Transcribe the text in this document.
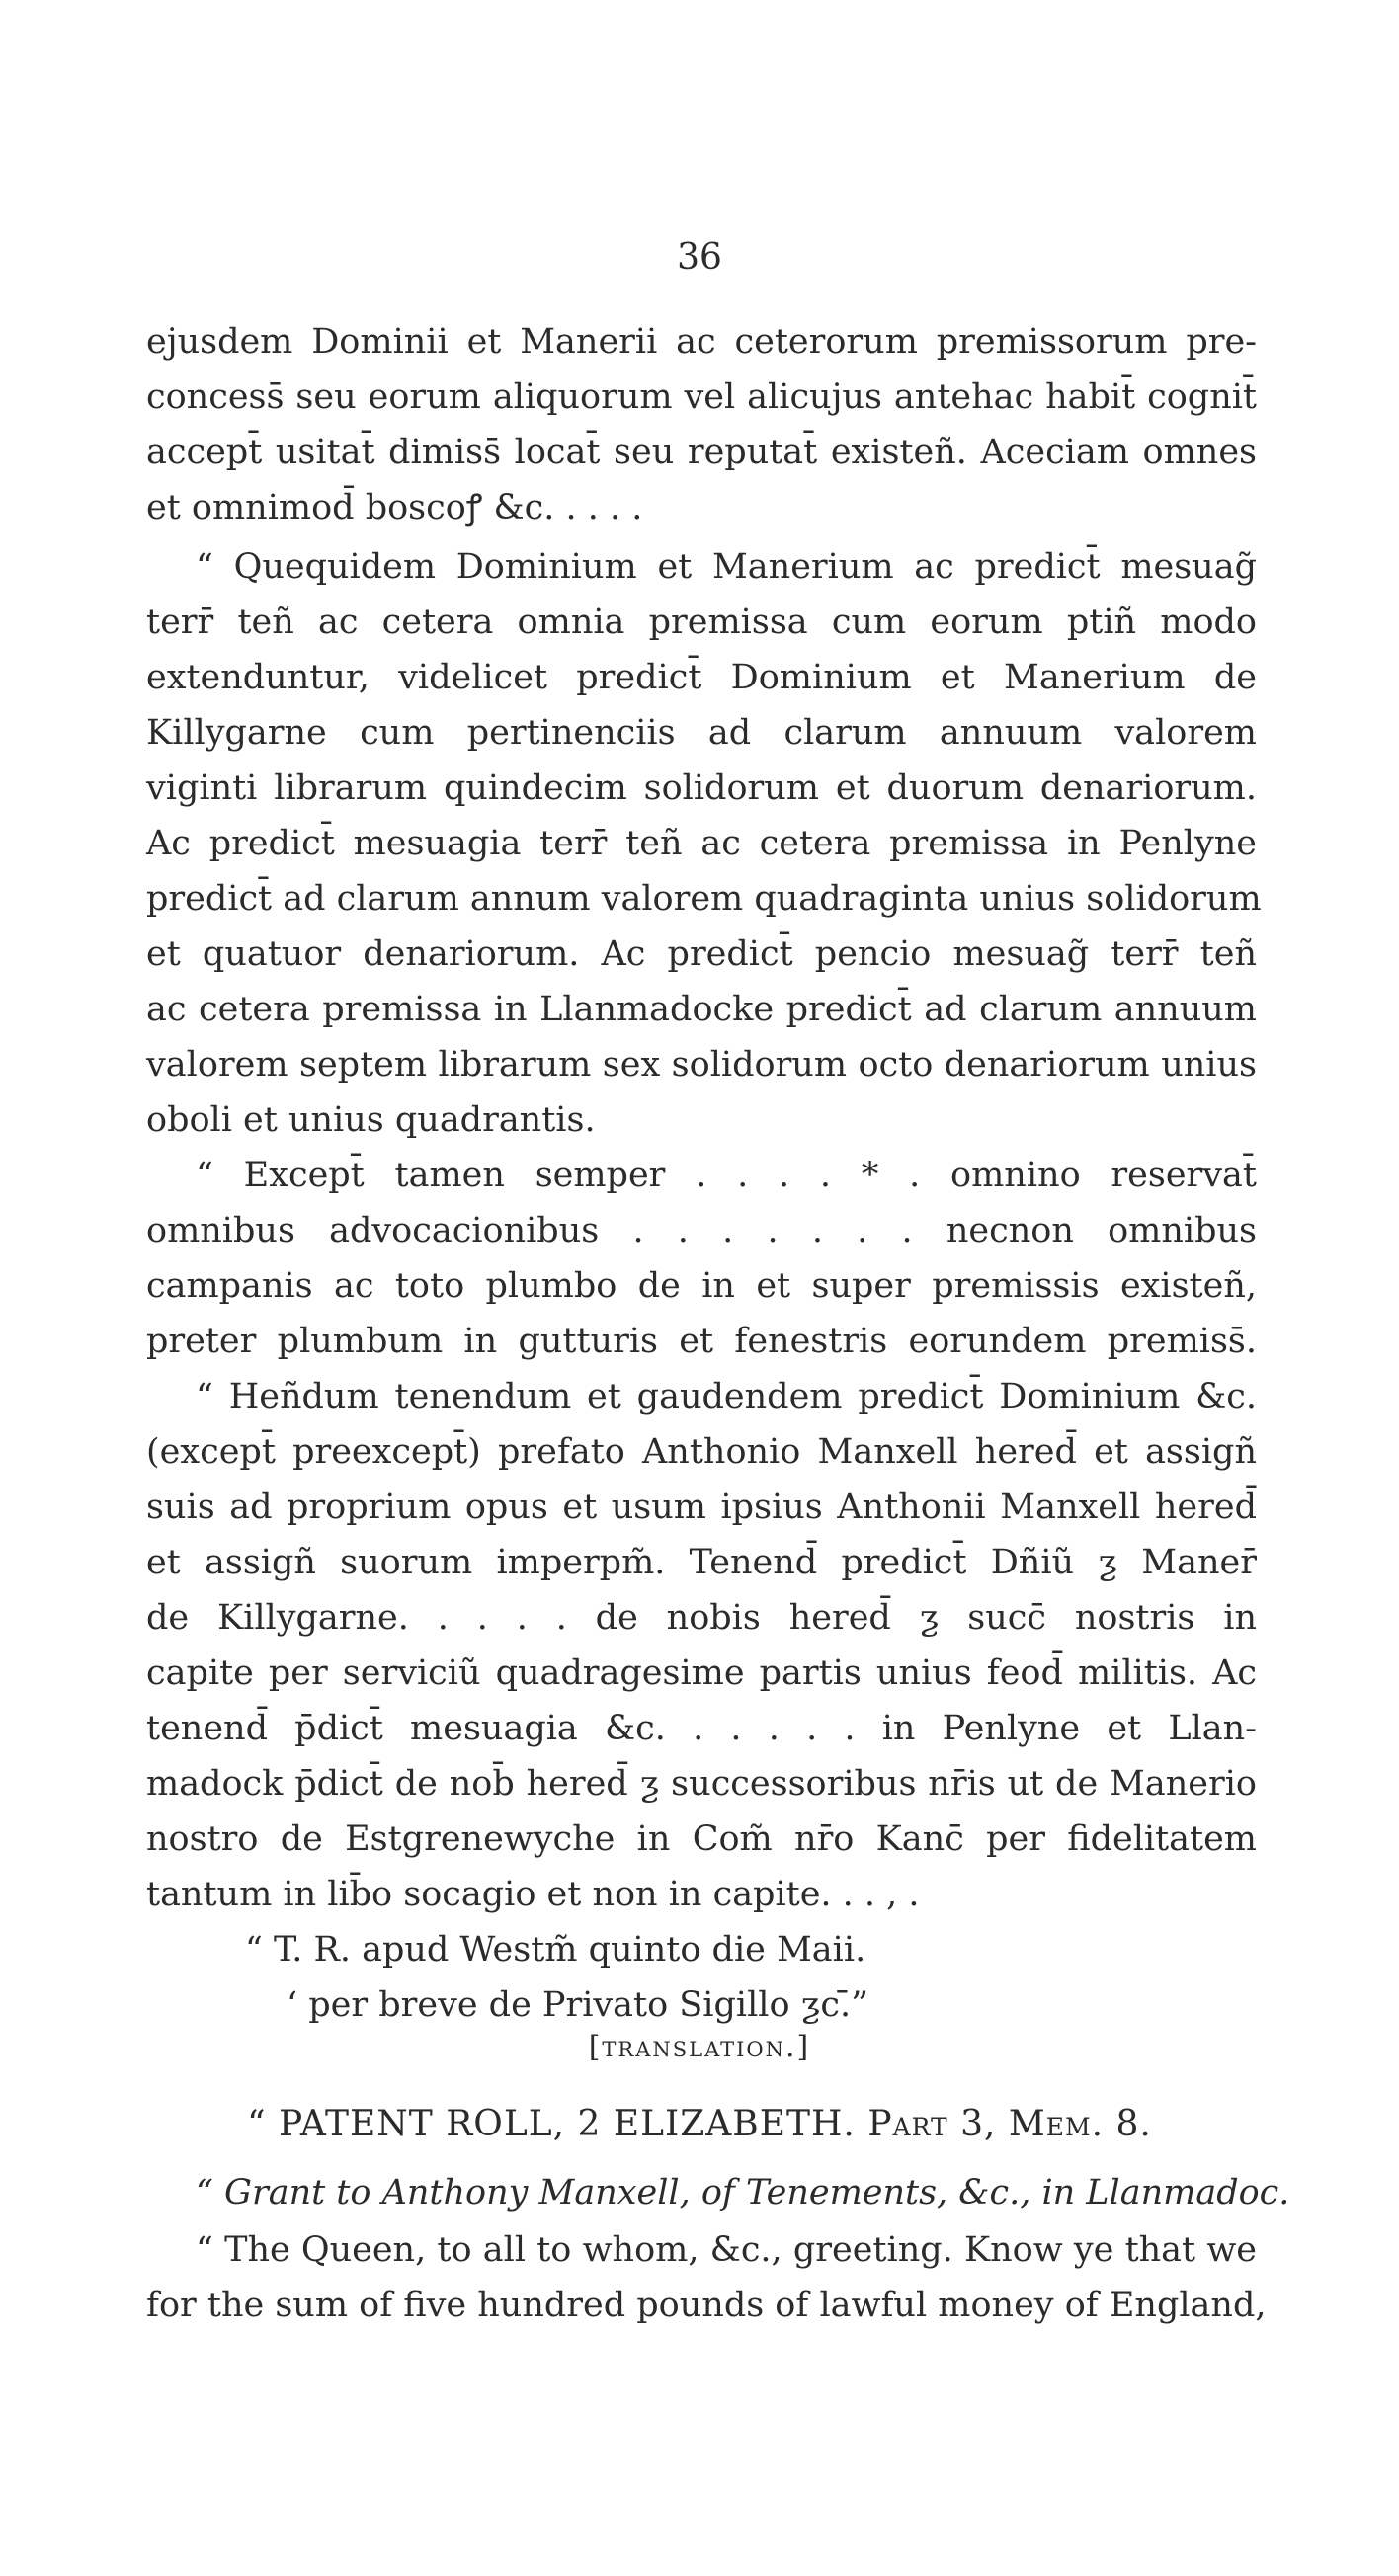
36
ejusdem Dominii et Manerii ac ceterorum premissorum pre-
concess̄ seu eorum aliquorum vel alicujus antehac habit̄ cognit̄
accept̄ usitat̄ dimiss̄ locat̄ seu reputat̄ existeñ. Aceciam omnes
et omnimod̄ boscoꝭ &c. . . . .
“ Quequidem Dominium et Manerium ac predict̄ mesuag̃
terr̄ teñ ac cetera omnia premissa cum eorum ptiñ modo
extenduntur, videlicet predict̄ Dominium et Manerium de
Killygarne cum pertinenciis ad clarum annuum valorem
viginti librarum quindecim solidorum et duorum denariorum.
Ac predict̄ mesuagia terr̄ teñ ac cetera premissa in Penlyne
predict̄ ad clarum annum valorem quadraginta unius solidorum
et quatuor denariorum. Ac predict̄ pencio mesuag̃ terr̄ teñ
ac cetera premissa in Llanmadocke predict̄ ad clarum annuum
valorem septem librarum sex solidorum octo denariorum unius
oboli et unius quadrantis.
“ Except̄ tamen semper . . . . * . omnino reservat̄
omnibus advocacionibus . . . . . . . necnon omnibus
campanis ac toto plumbo de in et super premissis existeñ,
preter plumbum in gutturis et fenestris eorundem premiss̄.
“ Heñdum tenendum et gaudendem predict̄ Dominium &c.
(except̄ preexcept̄) prefato Anthonio Manxell hered̄ et assigñ
suis ad proprium opus et usum ipsius Anthonii Manxell hered̄
et assigñ suorum imperpm̃. Tenend̄ predict̄ Dñiũ ƺ Maner̄
de Killygarne. . . . . de nobis hered̄ ƺ succ̄ nostris in
capite per serviciũ quadragesime partis unius feod̄ militis. Ac
tenend̄ p̄dict̄ mesuagia &c. . . . . . in Penlyne et Llan-
madock p̄dict̄ de nob̄ hered̄ ƺ successoribus nr̄is ut de Manerio
nostro de Estgrenewyche in Com̃ nr̄o Kanc̄ per fidelitatem
tantum in lib̄o socagio et non in capite. . . , .
“ T. R. apud Westm̃ quinto die Maii.
‘ per breve de Privato Sigillo ƺc.̄”
[translation.]
“ PATENT ROLL, 2 ELIZABETH. Part 3, Mem. 8.
“ Grant to Anthony Manxell, of Tenements, &c., in Llanmadoc.
“ The Queen, to all to whom, &c., greeting. Know ye that we
for the sum of five hundred pounds of lawful money of England,
